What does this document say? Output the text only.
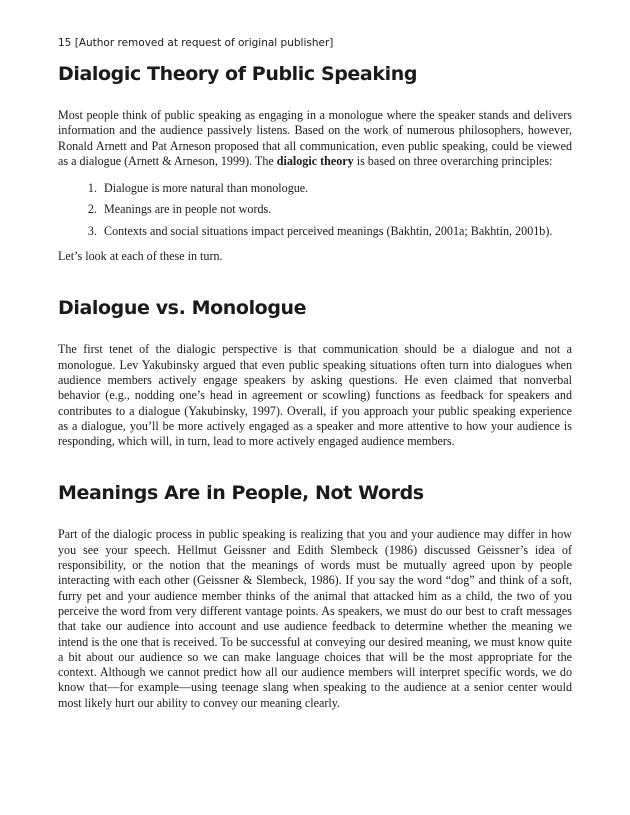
15 [Author removed at request of original publisher]

Dialogic Theory of Public Speaking

Most people think of public speaking as engaging in a monologue where the speaker stands and delivers information and the audience passively listens. Based on the work of numerous philosophers, however, Ronald Arnett and Pat Arneson proposed that all communication, even public speaking, could be viewed as a dialogue (Arnett & Arneson, 1999). The dialogic theory is based on three overarching principles:

1. Dialogue is more natural than monologue.
2. Meanings are in people not words.
3. Contexts and social situations impact perceived meanings (Bakhtin, 2001a; Bakhtin, 2001b).

Let’s look at each of these in turn.

Dialogue vs. Monologue

The first tenet of the dialogic perspective is that communication should be a dialogue and not a monologue. Lev Yakubinsky argued that even public speaking situations often turn into dialogues when audience members actively engage speakers by asking questions. He even claimed that nonverbal behavior (e.g., nodding one’s head in agreement or scowling) functions as feedback for speakers and contributes to a dialogue (Yakubinsky, 1997). Overall, if you approach your public speaking experience as a dialogue, you’ll be more actively engaged as a speaker and more attentive to how your audience is responding, which will, in turn, lead to more actively engaged audience members.

Meanings Are in People, Not Words

Part of the dialogic process in public speaking is realizing that you and your audience may differ in how you see your speech. Hellmut Geissner and Edith Slembeck (1986) discussed Geissner’s idea of responsibility, or the notion that the meanings of words must be mutually agreed upon by people interacting with each other (Geissner & Slembeck, 1986). If you say the word “dog” and think of a soft, furry pet and your audience member thinks of the animal that attacked him as a child, the two of you perceive the word from very different vantage points. As speakers, we must do our best to craft messages that take our audience into account and use audience feedback to determine whether the meaning we intend is the one that is received. To be successful at conveying our desired meaning, we must know quite a bit about our audience so we can make language choices that will be the most appropriate for the context. Although we cannot predict how all our audience members will interpret specific words, we do know that—for example—using teenage slang when speaking to the audience at a senior center would most likely hurt our ability to convey our meaning clearly.
